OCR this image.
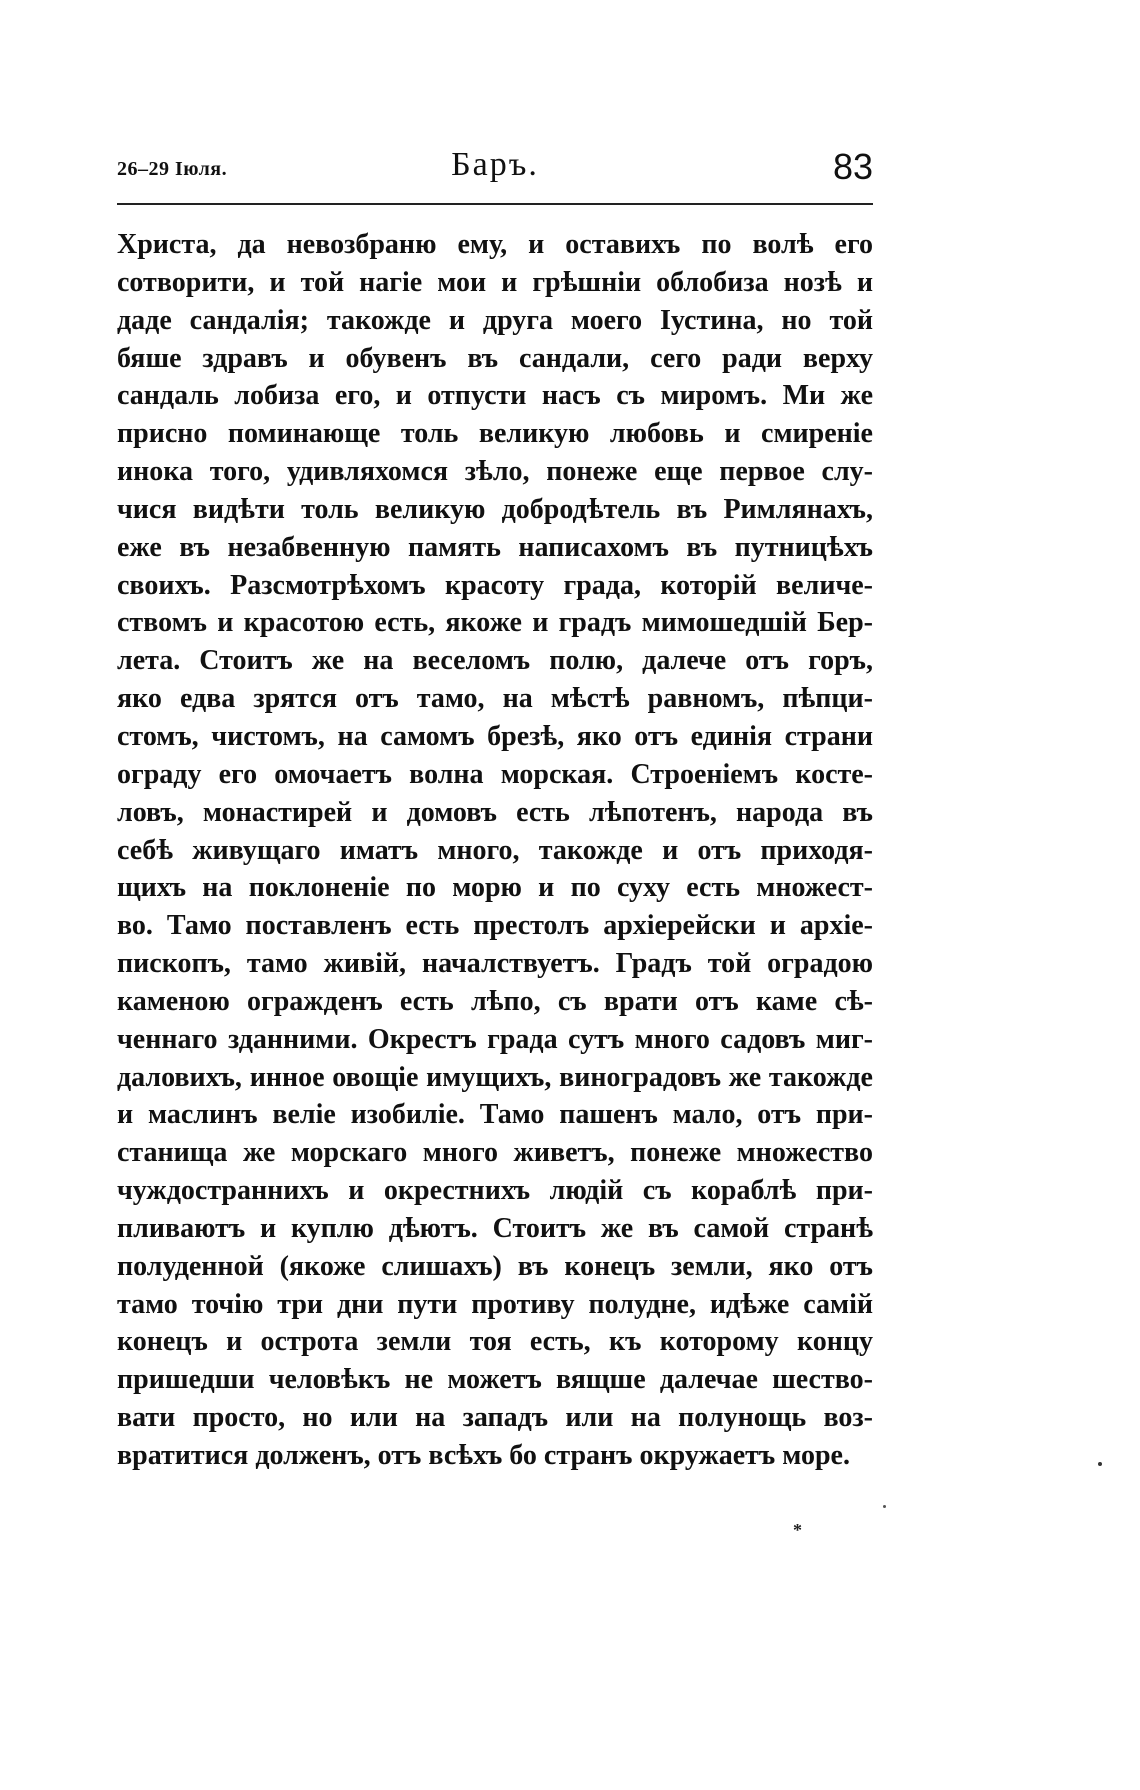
26–29 Іюля.	Баръ.	83
Христа, да невозбраню ему, и оставихъ по волѣ его
сотворити, и той нагіе мои и грѣшніи облобиза нозѣ и
даде сандалія; такожде и друга моего Іустина, но той
бяше здравъ и обувенъ въ сандали, сего ради верху
сандаль лобиза его, и отпусти насъ съ миромъ. Ми же
присно поминающе толь великую любовь и смиреніе
инока того, удивляхомся зѣло, понеже еще первое слу-
чися видѣти толь великую добродѣтель въ Римлянахъ,
еже въ незабвенную память написахомъ въ путницѣхъ
своихъ. Разсмотрѣхомъ красоту града, которій величе-
ствомъ и красотою есть, якоже и градъ мимошедшій Бер-
лета. Стоитъ же на веселомъ полю, далече отъ горъ,
яко едва зрятся отъ тамо, на мѣстѣ равномъ, пѣпци-
стомъ, чистомъ, на самомъ брезѣ, яко отъ единія страни
ограду его омочаетъ волна морская. Строеніемъ косте-
ловъ, монастирей и домовъ есть лѣпотенъ, народа въ
себѣ живущаго иматъ много, такожде и отъ приходя-
щихъ на поклоненіе по морю и по суху есть множест-
во. Тамо поставленъ есть престолъ архіерейски и архіе-
пископъ, тамо живій, началствуетъ. Градъ той оградою
каменою огражденъ есть лѣпо, съ врати отъ каме сѣ-
ченнаго зданними. Окрестъ града сутъ много садовъ миг-
даловихъ, инное овощіе имущихъ, виноградовъ же такожде
и маслинъ веліе изобиліе. Тамо пашенъ мало, отъ при-
станища же морскаго много живетъ, понеже множество
чуждостраннихъ и окрестнихъ людій съ кораблѣ при-
пливаютъ и куплю дѣютъ. Стоитъ же въ самой странѣ
полуденной (якоже слишахъ) въ конецъ земли, яко отъ
тамо точію три дни пути противу полудне, идѣже самій
конецъ и острота земли тоя есть, къ которому концу
пришедши человѣкъ не можетъ вящше далечае шество-
вати просто, но или на западъ или на полунощь воз-
вратитися долженъ, отъ всѣхъ бо странъ окружаетъ море.
*
